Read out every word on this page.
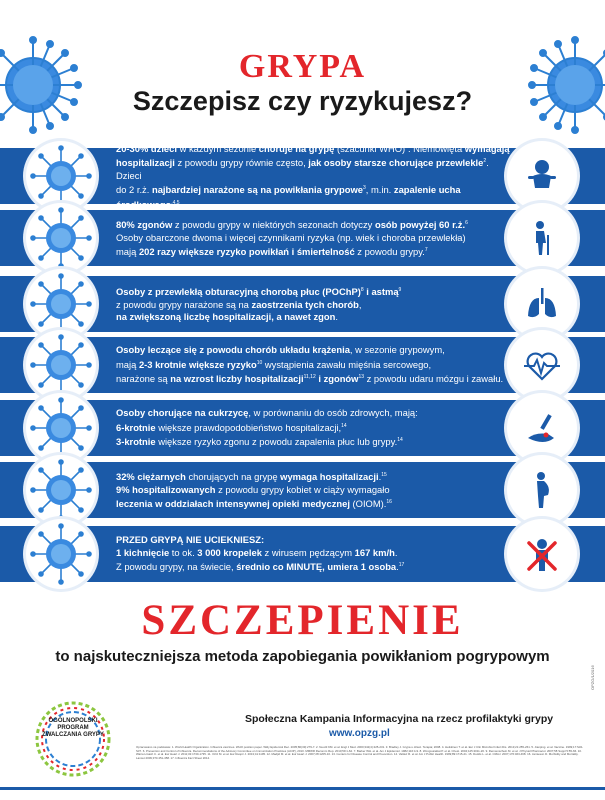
GRYPA
Szczepisz czy ryzykujesz?
20-30% dzieci w każdym sezonie choruje na grypę (szacunki WHO)$^1$. Niemowlęta wymagają
hospitalizacji z powodu grypy równie często, jak osoby starsze chorujące przewlekle$^2$. Dzieci
do 2 r.ż. najbardziej narażone są na powikłania grypowe$^3$, m.in. zapalenie ucha środkowego$^{.4,5}$
80% zgonów z powodu grypy w niektórych sezonach dotyczy osób powyżej 60 r.ż.$^6$
Osoby obarczone dwoma i więcej czynnikami ryzyka (np. wiek i choroba przewlekła)
mają 202 razy większe ryzyko powikłań i śmiertelność z powodu grypy.$^7$
Osoby z przewlekłą obturacyjną chorobą płuc (POChP)$^8$ i astmą$^9$
z powodu grypy narażone są na zaostrzenia tych chorób,
na zwiększoną liczbę hospitalizacji, a nawet zgon.
Osoby leczące się z powodu chorób układu krążenia, w sezonie grypowym,
mają 2-3 krotnie większe ryzyko$^{10}$ wystąpienia zawału mięśnia sercowego,
narażone są na wzrost liczby hospitalizacji$^{11,12}$ i zgonów$^{13}$ z powodu udaru mózgu i zawału.
Osoby chorujące na cukrzycę, w porównaniu do osób zdrowych, mają:
6-krotnie większe prawdopodobieństwo hospitalizacji,$^{14}$
3-krotnie większe ryzyko zgonu z powodu zapalenia płuc lub grypy.$^{14}$
32% ciężarnych chorujących na grypę wymaga hospitalizacji.$^{15}$
9% hospitalizowanych z powodu grypy kobiet w ciąży wymagało
leczenia w oddziałach intensywnej opieki medycznej (OIOM).$^{16}$
PRZED GRYPĄ NIE UCIEKNIESZ:
1 kichnięcie to ok. 3 000 kropelek z wirusem pędzącym 167 km/h.
Z powodu grypy, na świecie, średnio co MINUTĘ, umiera 1 osoba.$^{17}$
SZCZEPIENIE
to najskuteczniejsza metoda zapobiegania powikłaniom pogrypowym
OGÓLNOPOLSKI PROGRAM ZWALCZANIA GRYPY
Społeczna Kampania Informacyjna na rzecz profilaktyki grypy
www.opzg.pl
Opracowano na podstawie: 1. World Health Organization. Influenza vaccines. WHO position paper. Wkly Epidemiol Rec. 2005;80(33):279-7. 2. Neuzil KM. et al. Engl J Med. 2000;342(4):225-231. 3. Bradley J. Grypa u dzieci. Terapia; 2008. 4. Heikkinen T. et al. Eur J Clin Microbiol Infect Dis. 2013;21:255-261. 5. Jianping. et al. Vaccine. 1999;17:S32-S37. 6. Prevention and Control of Influenza. Recommendations of the Advisory Committee on Immunization Practices (ACIP), 2010. MMWR Recomm Rep. 2010;59:1-62. 7. Barker WH. et al. Am J Epidemiol. 1982;116:4-9. 8. Wongsurakiat P. et al. Chest. 2004;125:2011-20. 9. Rennenschein M. et al. J Physiol Pharmacol. 2007;58 Suppl 5:55-66. 10. Warren-Gash C. et al. Eur Heart J. 2011;32:1730-1735. 11. Ortiz M. et al. Eur Respir J. 2013;41:1195. 12. Madjid M. et al. Eur Heart J. 2007;28:1205-10. 13. Centers for Disease Control and Prevention. 14. Valdez R. et al. Am J Public Health. 1999;89:1715-21. 15. Dodds L. et al. CMAJ. 2007;176:463-468. 16. Jamieson D. Morbidity and Mortality. Lancet 2009;374:451-458. 17. Influenza Fact Sheet 2014.
OPZG/1/2016
